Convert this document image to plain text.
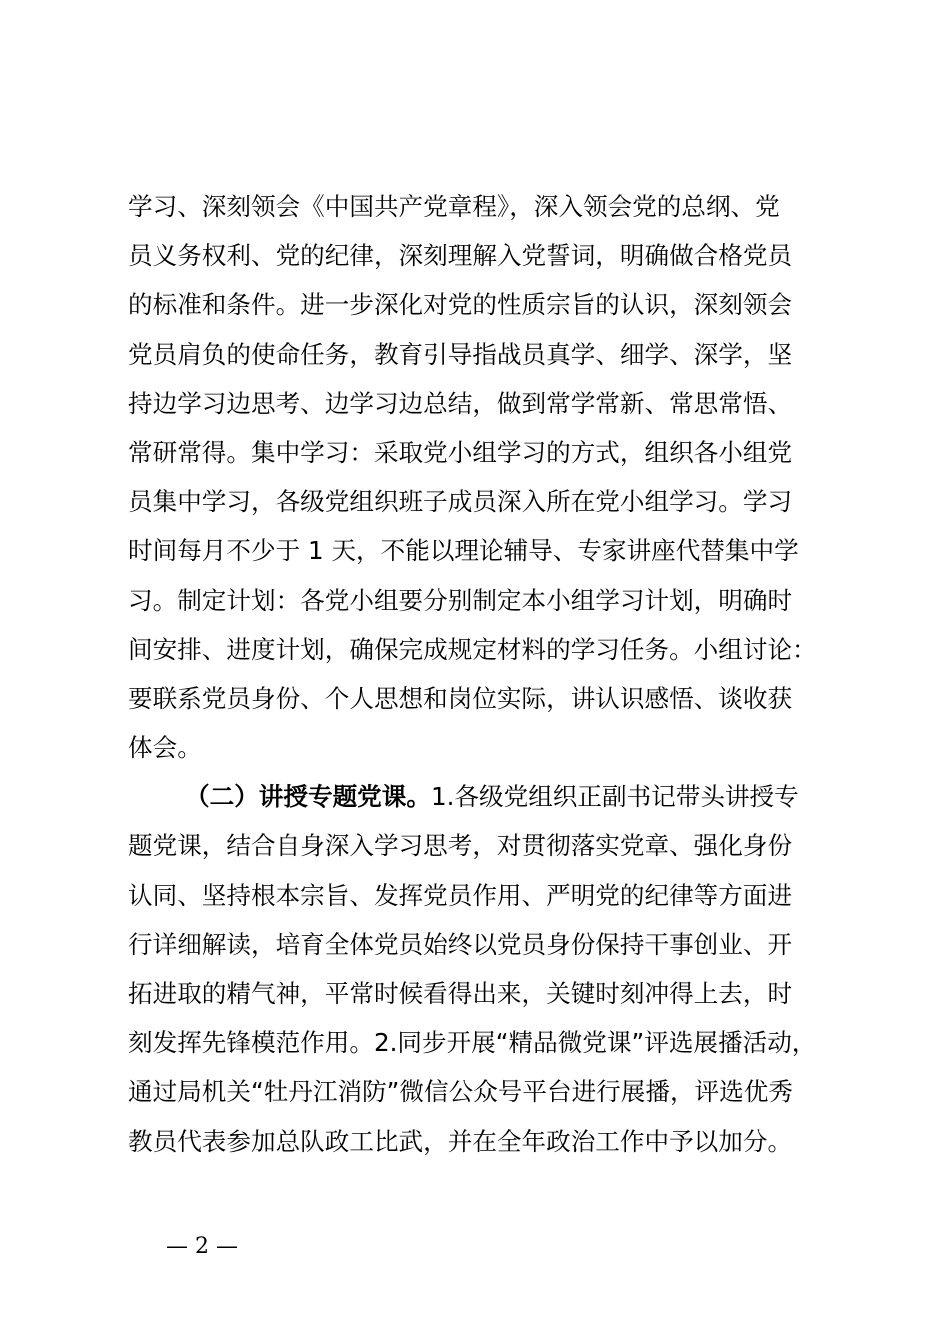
学习、深刻领会《中国共产党章程》，深入领会党的总纲、党
员义务权利、党的纪律，深刻理解入党誓词，明确做合格党员
的标准和条件。进一步深化对党的性质宗旨的认识，深刻领会
党员肩负的使命任务，教育引导指战员真学、细学、深学，坚
持边学习边思考、边学习边总结，做到常学常新、常思常悟、
常研常得。集中学习：采取党小组学习的方式，组织各小组党
员集中学习，各级党组织班子成员深入所在党小组学习。学习
时间每月不少于 1 天，不能以理论辅导、专家讲座代替集中学
习。制定计划：各党小组要分别制定本小组学习计划，明确时
间安排、进度计划，确保完成规定材料的学习任务。小组讨论：
要联系党员身份、个人思想和岗位实际，讲认识感悟、谈收获
体会。
（二）讲授专题党课。1.各级党组织正副书记带头讲授专
题党课，结合自身深入学习思考，对贯彻落实党章、强化身份
认同、坚持根本宗旨、发挥党员作用、严明党的纪律等方面进
行详细解读，培育全体党员始终以党员身份保持干事创业、开
拓进取的精气神，平常时候看得出来，关键时刻冲得上去，时
刻发挥先锋模范作用。2.同步开展“精品微党课”评选展播活动，
通过局机关“牡丹江消防”微信公众号平台进行展播，评选优秀
教员代表参加总队政工比武，并在全年政治工作中予以加分。
— 2 —
